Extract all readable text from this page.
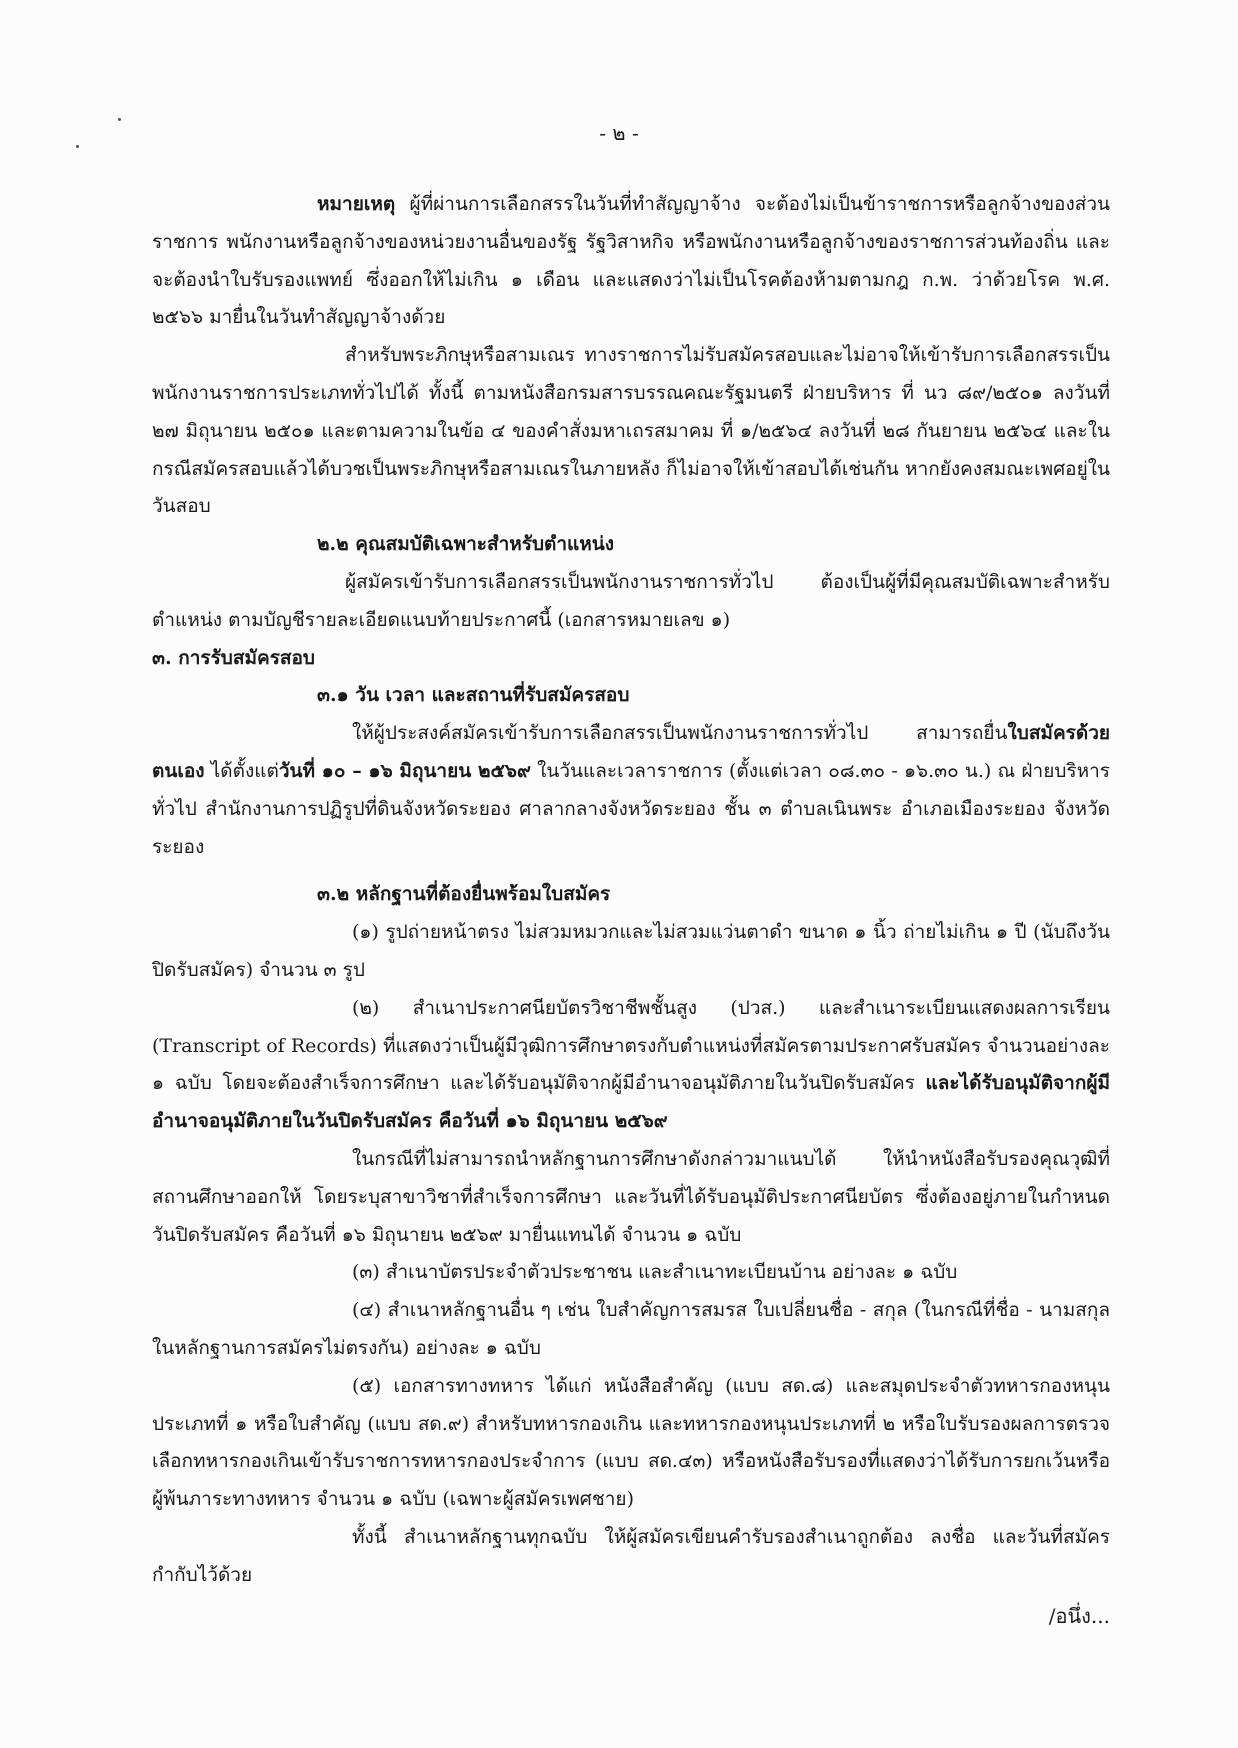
- ๒ -

หมายเหตุ ผู้ที่ผ่านการเลือกสรรในวันที่ทำสัญญาจ้าง จะต้องไม่เป็นข้าราชการหรือลูกจ้างของส่วนราชการ พนักงานหรือลูกจ้างของหน่วยงานอื่นของรัฐ รัฐวิสาหกิจ หรือพนักงานหรือลูกจ้างของราชการส่วนท้องถิ่น และจะต้องนำใบรับรองแพทย์ ซึ่งออกให้ไม่เกิน ๑ เดือน และแสดงว่าไม่เป็นโรคต้องห้ามตามกฎ ก.พ. ว่าด้วยโรค พ.ศ. ๒๕๖๖ มายื่นในวันทำสัญญาจ้างด้วย

สำหรับพระภิกษุหรือสามเณร ทางราชการไม่รับสมัครสอบและไม่อาจให้เข้ารับการเลือกสรรเป็นพนักงานราชการประเภททั่วไปได้ ทั้งนี้ ตามหนังสือกรมสารบรรณคณะรัฐมนตรี ฝ่ายบริหาร ที่ นว ๘๙/๒๕๐๑ ลงวันที่ ๒๗ มิถุนายน ๒๕๐๑ และตามความในข้อ ๔ ของคำสั่งมหาเถรสมาคม ที่ ๑/๒๕๖๔ ลงวันที่ ๒๘ กันยายน ๒๕๖๔ และในกรณีสมัครสอบแล้วได้บวชเป็นพระภิกษุหรือสามเณรในภายหลัง ก็ไม่อาจให้เข้าสอบได้เช่นกัน หากยังคงสมณะเพศอยู่ในวันสอบ

๒.๒ คุณสมบัติเฉพาะสำหรับตำแหน่ง

ผู้สมัครเข้ารับการเลือกสรรเป็นพนักงานราชการทั่วไป ต้องเป็นผู้ที่มีคุณสมบัติเฉพาะสำหรับตำแหน่ง ตามบัญชีรายละเอียดแนบท้ายประกาศนี้ (เอกสารหมายเลข ๑)

๓. การรับสมัครสอบ

๓.๑ วัน เวลา และสถานที่รับสมัครสอบ

ให้ผู้ประสงค์สมัครเข้ารับการเลือกสรรเป็นพนักงานราชการทั่วไป สามารถยื่นใบสมัครด้วยตนเอง ได้ตั้งแต่วันที่ ๑๐ – ๑๖ มิถุนายน ๒๕๖๙ ในวันและเวลาราชการ (ตั้งแต่เวลา ๐๘.๓๐ - ๑๖.๓๐ น.) ณ ฝ่ายบริหารทั่วไป สำนักงานการปฏิรูปที่ดินจังหวัดระยอง ศาลากลางจังหวัดระยอง ชั้น ๓ ตำบลเนินพระ อำเภอเมืองระยอง จังหวัดระยอง

๓.๒ หลักฐานที่ต้องยื่นพร้อมใบสมัคร

(๑) รูปถ่ายหน้าตรง ไม่สวมหมวกและไม่สวมแว่นตาดำ ขนาด ๑ นิ้ว ถ่ายไม่เกิน ๑ ปี (นับถึงวันปิดรับสมัคร) จำนวน ๓ รูป

(๒) สำเนาประกาศนียบัตรวิชาชีพชั้นสูง (ปวส.) และสำเนาระเบียนแสดงผลการเรียน (Transcript of Records) ที่แสดงว่าเป็นผู้มีวุฒิการศึกษาตรงกับตำแหน่งที่สมัครตามประกาศรับสมัคร จำนวนอย่างละ ๑ ฉบับ โดยจะต้องสำเร็จการศึกษา และได้รับอนุมัติจากผู้มีอำนาจอนุมัติภายในวันปิดรับสมัคร และได้รับอนุมัติจากผู้มีอำนาจอนุมัติภายในวันปิดรับสมัคร คือวันที่ ๑๖ มิถุนายน ๒๕๖๙

ในกรณีที่ไม่สามารถนำหลักฐานการศึกษาดังกล่าวมาแนบได้ ให้นำหนังสือรับรองคุณวุฒิที่สถานศึกษาออกให้ โดยระบุสาขาวิชาที่สำเร็จการศึกษา และวันที่ได้รับอนุมัติประกาศนียบัตร ซึ่งต้องอยู่ภายในกำหนดวันปิดรับสมัคร คือวันที่ ๑๖ มิถุนายน ๒๕๖๙ มายื่นแทนได้ จำนวน ๑ ฉบับ

(๓) สำเนาบัตรประจำตัวประชาชน และสำเนาทะเบียนบ้าน อย่างละ ๑ ฉบับ

(๔) สำเนาหลักฐานอื่น ๆ เช่น ใบสำคัญการสมรส ใบเปลี่ยนชื่อ - สกุล (ในกรณีที่ชื่อ - นามสกุล ในหลักฐานการสมัครไม่ตรงกัน) อย่างละ ๑ ฉบับ

(๕) เอกสารทางทหาร ได้แก่ หนังสือสำคัญ (แบบ สด.๘) และสมุดประจำตัวทหารกองหนุนประเภทที่ ๑ หรือใบสำคัญ (แบบ สด.๙) สำหรับทหารกองเกิน และทหารกองหนุนประเภทที่ ๒ หรือใบรับรองผลการตรวจเลือกทหารกองเกินเข้ารับราชการทหารกองประจำการ (แบบ สด.๔๓) หรือหนังสือรับรองที่แสดงว่าได้รับการยกเว้นหรือผู้พ้นภาระทางทหาร จำนวน ๑ ฉบับ (เฉพาะผู้สมัครเพศชาย)

ทั้งนี้ สำเนาหลักฐานทุกฉบับ ให้ผู้สมัครเขียนคำรับรองสำเนาถูกต้อง ลงชื่อ และวันที่สมัครกำกับไว้ด้วย

/อนึ่ง...
